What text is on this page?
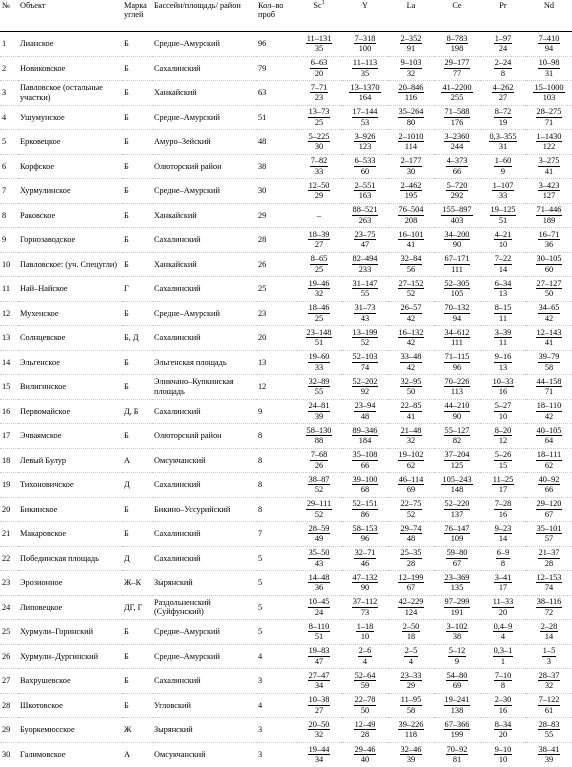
№	Объект	Марка углей	Бассейн/площадь/ район	Кол–во проб	Sc$^1$	Y	La	Ce	Pr	Nd
1	Лианское	Б	Средне–Амурский	96	$\frac{11-131}{35}$	$\frac{7-318}{100}$	$\frac{2-352}{91}$	$\frac{8-783}{198}$	$\frac{1-97}{24}$	$\frac{7-410}{94}$

2	Новиковское	Б	Сахалинский	79	$\frac{6-63}{20}$	$\frac{11-113}{35}$	$\frac{9-103}{32}$	$\frac{29-177}{77}$	$\frac{2-24}{8}$	$\frac{10-98}{31}$

3	Павловское (остальные участки)	Б	Ханкайский	63	$\frac{7-71}{23}$	$\frac{13-1370}{164}$	$\frac{20-846}{116}$	$\frac{41-2200}{255}$	$\frac{4-262}{27}$	$\frac{15-1000}{103}$

4	Ушумунское	Б	Средне–Амурский	51	$\frac{13-73}{25}$	$\frac{17-144}{53}$	$\frac{35-264}{80}$	$\frac{71-588}{176}$	$\frac{8-72}{19}$	$\frac{28-275}{71}$

5	Ерковецкое	Б	Амуро–Зейский	48	$\frac{5-225}{30}$	$\frac{3-926}{123}$	$\frac{2-1010}{114}$	$\frac{3-2360}{244}$	$\frac{0,3-355}{31}$	$\frac{1-1430}{122}$

6	Корфское	Б	Олюторский район	38	$\frac{7-82}{33}$	$\frac{6-533}{60}$	$\frac{2-177}{30}$	$\frac{4-373}{66}$	$\frac{1-60}{9}$	$\frac{3-275}{41}$

7	Хурмулинское	Б	Средне–Амурский	30	$\frac{12-50}{29}$	$\frac{2-551}{163}$	$\frac{2-462}{195}$	$\frac{5-720}{292}$	$\frac{1-107}{33}$	$\frac{3-423}{127}$

8	Раковское	Б	Ханкайский	29	–	$\frac{88-521}{263}$	$\frac{76-504}{208}$	$\frac{155-897}{403}$	$\frac{19-125}{51}$	$\frac{71-446}{189}$

9	Горнозаводское	Б	Сахалинский	28	$\frac{18-39}{27}$	$\frac{23-75}{47}$	$\frac{16-101}{41}$	$\frac{34-200}{90}$	$\frac{4-21}{10}$	$\frac{16-71}{36}$

10	Павловское: (уч. Спецугли)	Б	Ханкайский	26	$\frac{8-65}{25}$	$\frac{82-494}{233}$	$\frac{32-84}{56}$	$\frac{67-171}{111}$	$\frac{7-22}{14}$	$\frac{30-105}{60}$

11	Най–Найское	Г	Сахалинский	25	$\frac{19-46}{32}$	$\frac{31-147}{55}$	$\frac{27-152}{52}$	$\frac{52-305}{105}$	$\frac{6-34}{13}$	$\frac{27-127}{50}$

12	Мухенское	Б	Средне–Амурский	23	$\frac{18-46}{25}$	$\frac{31-73}{43}$	$\frac{26-57}{42}$	$\frac{70-132}{94}$	$\frac{8-15}{11}$	$\frac{34-65}{42}$

13	Солнцевское	Б, Д	Сахалинский	20	$\frac{23-148}{51}$	$\frac{13-199}{52}$	$\frac{16-132}{42}$	$\frac{34-612}{111}$	$\frac{3-39}{11}$	$\frac{12-143}{41}$

14	Эльгенское	Б	Эльгенская площадь	13	$\frac{19-60}{33}$	$\frac{52-103}{74}$	$\frac{33-48}{42}$	$\frac{71-115}{96}$	$\frac{9-16}{13}$	$\frac{39-79}{58}$

15	Вилигинское	Б	Эликчано–Купкинская площадь	12	$\frac{32-89}{55}$	$\frac{52-202}{92}$	$\frac{32-95}{50}$	$\frac{70-226}{113}$	$\frac{10-33}{16}$	$\frac{44-158}{71}$

16	Первомайское	Д, Б	Сахалинский	9	$\frac{24-81}{39}$	$\frac{23-94}{48}$	$\frac{22-85}{41}$	$\frac{44-210}{90}$	$\frac{5-27}{10}$	$\frac{18-110}{42}$

17	Эчваямское	Б	Олюторский район	8	$\frac{58-130}{88}$	$\frac{89-346}{184}$	$\frac{21-48}{32}$	$\frac{55-127}{82}$	$\frac{8-20}{12}$	$\frac{40-105}{64}$

18	Левый Булур	А	Омсукчанский	8	$\frac{7-68}{26}$	$\frac{35-108}{66}$	$\frac{19-102}{62}$	$\frac{37-204}{125}$	$\frac{5-26}{15}$	$\frac{18-111}{62}$

19	Тихоновичское	Д	Сахалинский	8	$\frac{38-87}{52}$	$\frac{39-100}{68}$	$\frac{46-114}{69}$	$\frac{105-243}{148}$	$\frac{11-25}{17}$	$\frac{40-92}{66}$

20	Бикинское	Б	Бикино–Уссурийский	8	$\frac{29-111}{52}$	$\frac{52-151}{86}$	$\frac{22-75}{52}$	$\frac{52-220}{137}$	$\frac{7-28}{16}$	$\frac{29-120}{67}$

21	Макаровское	Б	Сахалинский	7	$\frac{28-59}{49}$	$\frac{58-153}{96}$	$\frac{29-74}{48}$	$\frac{76-147}{109}$	$\frac{9-23}{14}$	$\frac{35-101}{57}$

22	Побединская площадь	Д	Сахалинский	5	$\frac{35-50}{43}$	$\frac{32-71}{46}$	$\frac{25-35}{28}$	$\frac{59-80}{67}$	$\frac{6-9}{8}$	$\frac{21-37}{28}$

23	Эрозионное	Ж–К	Зырянский	5	$\frac{14-48}{36}$	$\frac{47-132}{90}$	$\frac{12-199}{67}$	$\frac{23-369}{135}$	$\frac{3-41}{17}$	$\frac{12-153}{74}$

24	Липовецкое	ДГ, Г	Раздольненский (Суйфунский)	5	$\frac{10-45}{24}$	$\frac{37-112}{73}$	$\frac{42-229}{124}$	$\frac{97-299}{191}$	$\frac{11-33}{20}$	$\frac{38-116}{72}$

25	Хурмули–Горинский	Б	Средне–Амурский	5	$\frac{8-110}{51}$	$\frac{1-18}{10}$	$\frac{2-50}{18}$	$\frac{3-102}{38}$	$\frac{0,4-9}{4}$	$\frac{2-28}{14}$

26	Хурмули–Дургинский	Б	Средне–Амурский	4	$\frac{19-83}{47}$	$\frac{2-6}{4}$	$\frac{2-5}{4}$	$\frac{5-12}{9}$	$\frac{0,3-1}{1}$	$\frac{1-5}{3}$

27	Вахрушевское	Б	Сахалинский	3	$\frac{27-47}{34}$	$\frac{52-64}{59}$	$\frac{23-33}{29}$	$\frac{54-80}{69}$	$\frac{7-10}{8}$	$\frac{28-37}{32}$

28	Шкотовское	Б	Угловский	4	$\frac{10-38}{27}$	$\frac{22-78}{50}$	$\frac{11-95}{58}$	$\frac{19-241}{138}$	$\frac{2-30}{16}$	$\frac{7-122}{61}$

29	Буоркемюсское	Ж	Зырянский	3	$\frac{20-50}{32}$	$\frac{12-49}{28}$	$\frac{39-226}{118}$	$\frac{67-366}{199}$	$\frac{8-34}{20}$	$\frac{28-83}{55}$

30	Галимовское	А	Омсукчанский	3	$\frac{19-44}{34}$	$\frac{29-46}{40}$	$\frac{32-46}{39}$	$\frac{70-92}{81}$	$\frac{9-10}{10}$	$\frac{38-41}{39}$
